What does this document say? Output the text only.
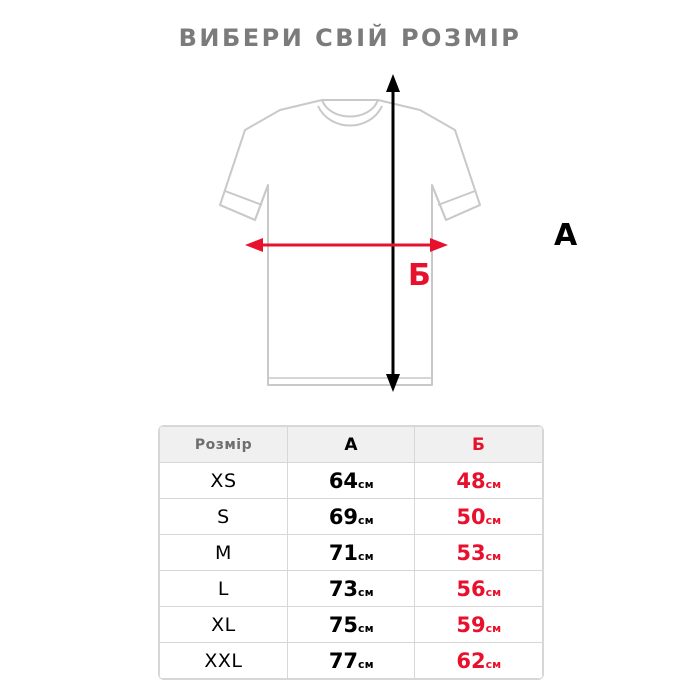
ВИБЕРИ СВІЙ РОЗМІР
А
Б
Розмір	А	Б
XS	64см	48см
S	69см	50см
M	71см	53см
L	73см	56см
XL	75см	59см
XXL	77см	62см
